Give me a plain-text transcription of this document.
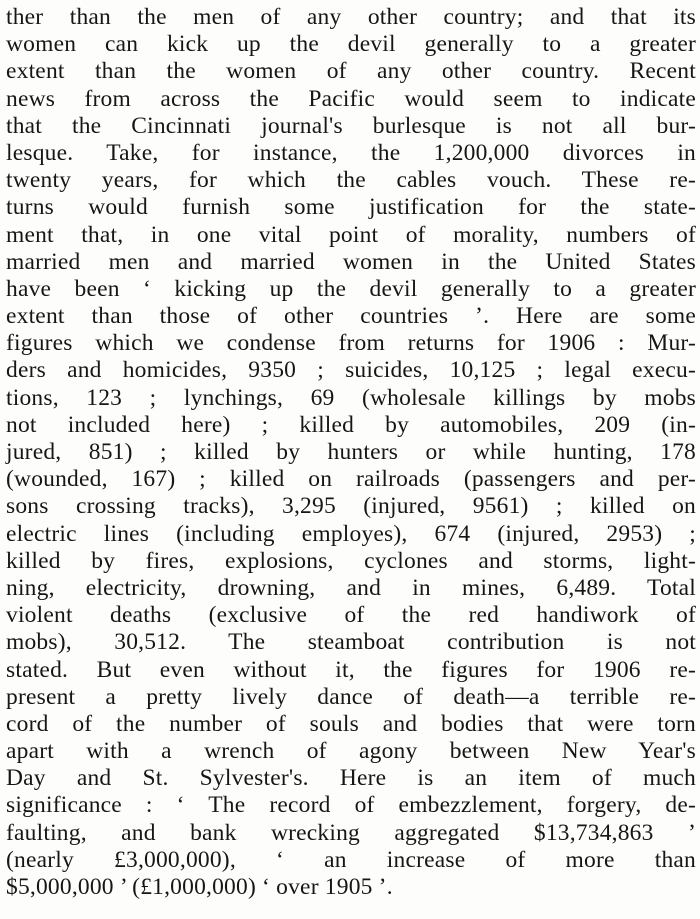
ther than the men of any other country; and that its
women can kick up the devil generally to a greater
extent than the women of any other country. Recent
news from across the Pacific would seem to indicate
that the Cincinnati journal's burlesque is not all bur-
lesque. Take, for instance, the 1,200,000 divorces in
twenty years, for which the cables vouch. These re-
turns would furnish some justification for the state-
ment that, in one vital point of morality, numbers of
married men and married women in the United States
have been ‘ kicking up the devil generally to a greater
extent than those of other countries ’. Here are some
figures which we condense from returns for 1906 : Mur-
ders and homicides, 9350 ; suicides, 10,125 ; legal execu-
tions, 123 ; lynchings, 69 (wholesale killings by mobs
not included here) ; killed by automobiles, 209 (in-
jured, 851) ; killed by hunters or while hunting, 178
(wounded, 167) ; killed on railroads (passengers and per-
sons crossing tracks), 3,295 (injured, 9561) ; killed on
electric lines (including employes), 674 (injured, 2953) ;
killed by fires, explosions, cyclones and storms, light-
ning, electricity, drowning, and in mines, 6,489. Total
violent deaths (exclusive of the red handiwork of
mobs), 30,512. The steamboat contribution is not
stated. But even without it, the figures for 1906 re-
present a pretty lively dance of death—a terrible re-
cord of the number of souls and bodies that were torn
apart with a wrench of agony between New Year's
Day and St. Sylvester's. Here is an item of much
significance : ‘ The record of embezzlement, forgery, de-
faulting, and bank wrecking aggregated $13,734,863 ’
(nearly £3,000,000), ‘ an increase of more than
$5,000,000 ’ (£1,000,000) ‘ over 1905 ’.
